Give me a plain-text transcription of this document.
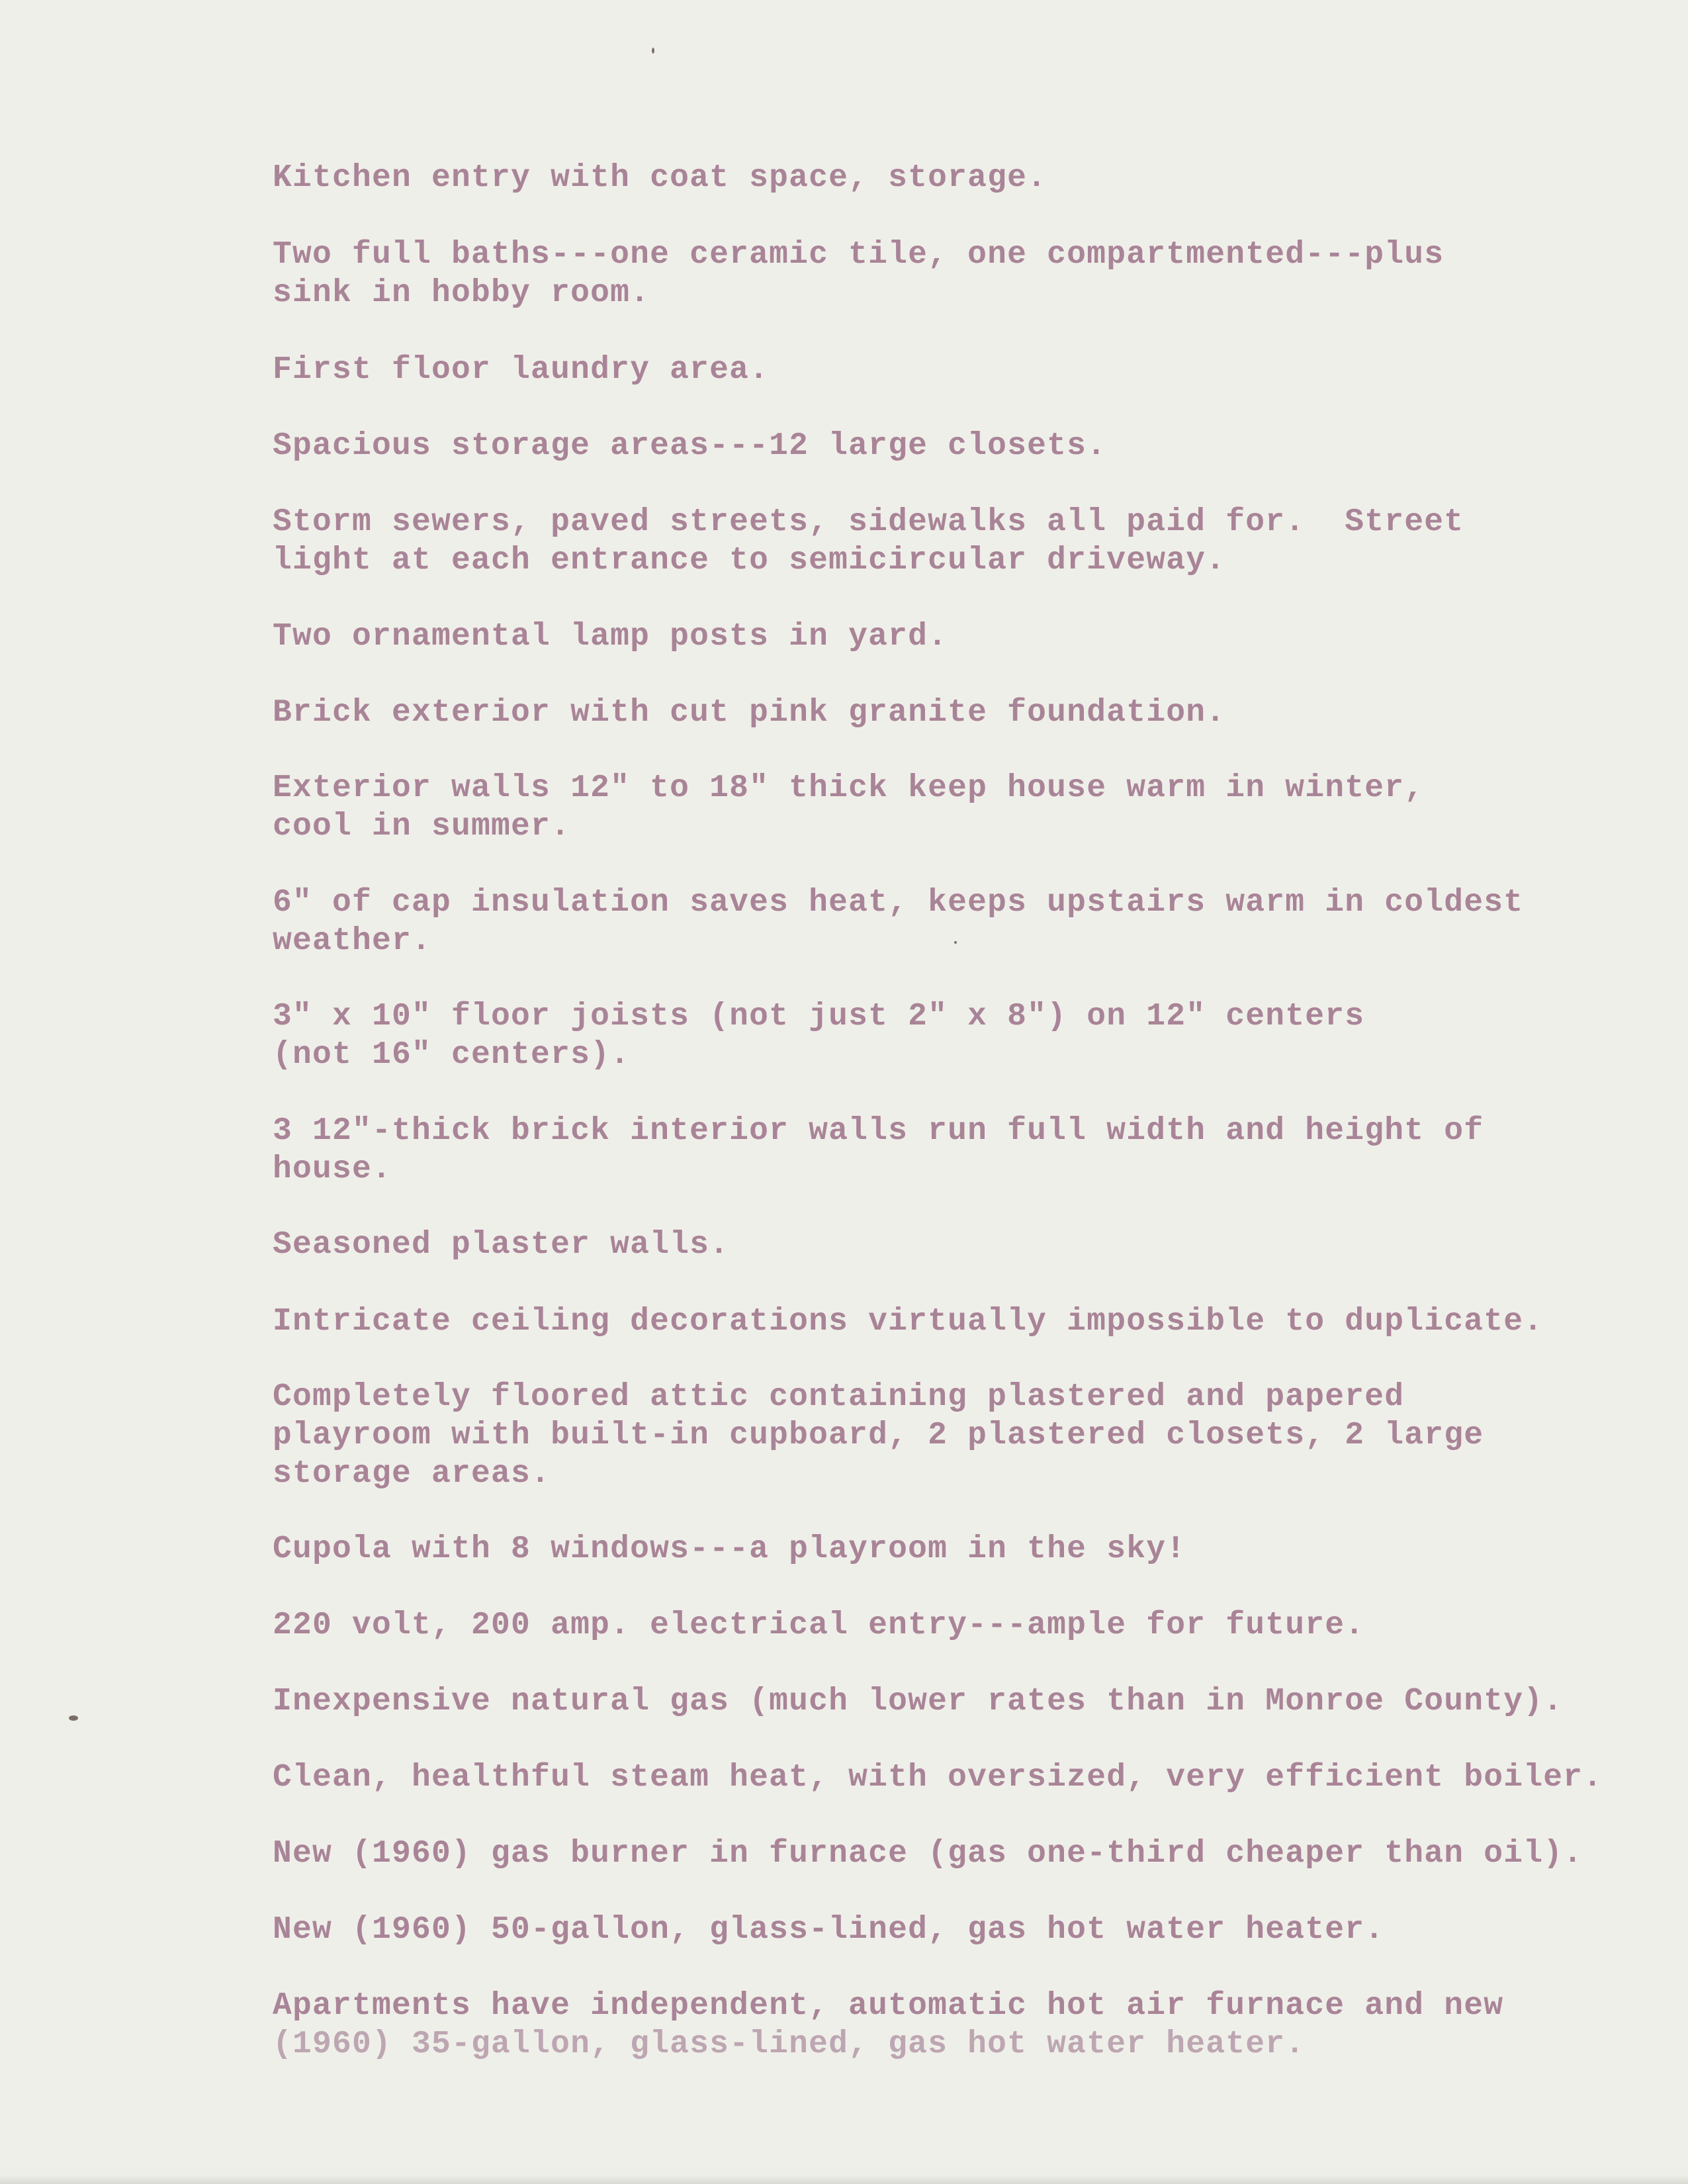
Kitchen entry with coat space, storage.

Two full baths---one ceramic tile, one compartmented---plus
sink in hobby room.

First floor laundry area.

Spacious storage areas---12 large closets.

Storm sewers, paved streets, sidewalks all paid for.  Street
light at each entrance to semicircular driveway.

Two ornamental lamp posts in yard.

Brick exterior with cut pink granite foundation.

Exterior walls 12" to 18" thick keep house warm in winter,
cool in summer.

6" of cap insulation saves heat, keeps upstairs warm in coldest
weather.

3" x 10" floor joists (not just 2" x 8") on 12" centers
(not 16" centers).

3 12"-thick brick interior walls run full width and height of
house.

Seasoned plaster walls.

Intricate ceiling decorations virtually impossible to duplicate.

Completely floored attic containing plastered and papered
playroom with built-in cupboard, 2 plastered closets, 2 large
storage areas.

Cupola with 8 windows---a playroom in the sky!

220 volt, 200 amp. electrical entry---ample for future.

Inexpensive natural gas (much lower rates than in Monroe County).

Clean, healthful steam heat, with oversized, very efficient boiler.

New (1960) gas burner in furnace (gas one-third cheaper than oil).

New (1960) 50-gallon, glass-lined, gas hot water heater.

Apartments have independent, automatic hot air furnace and new
(1960) 35-gallon, glass-lined, gas hot water heater.
